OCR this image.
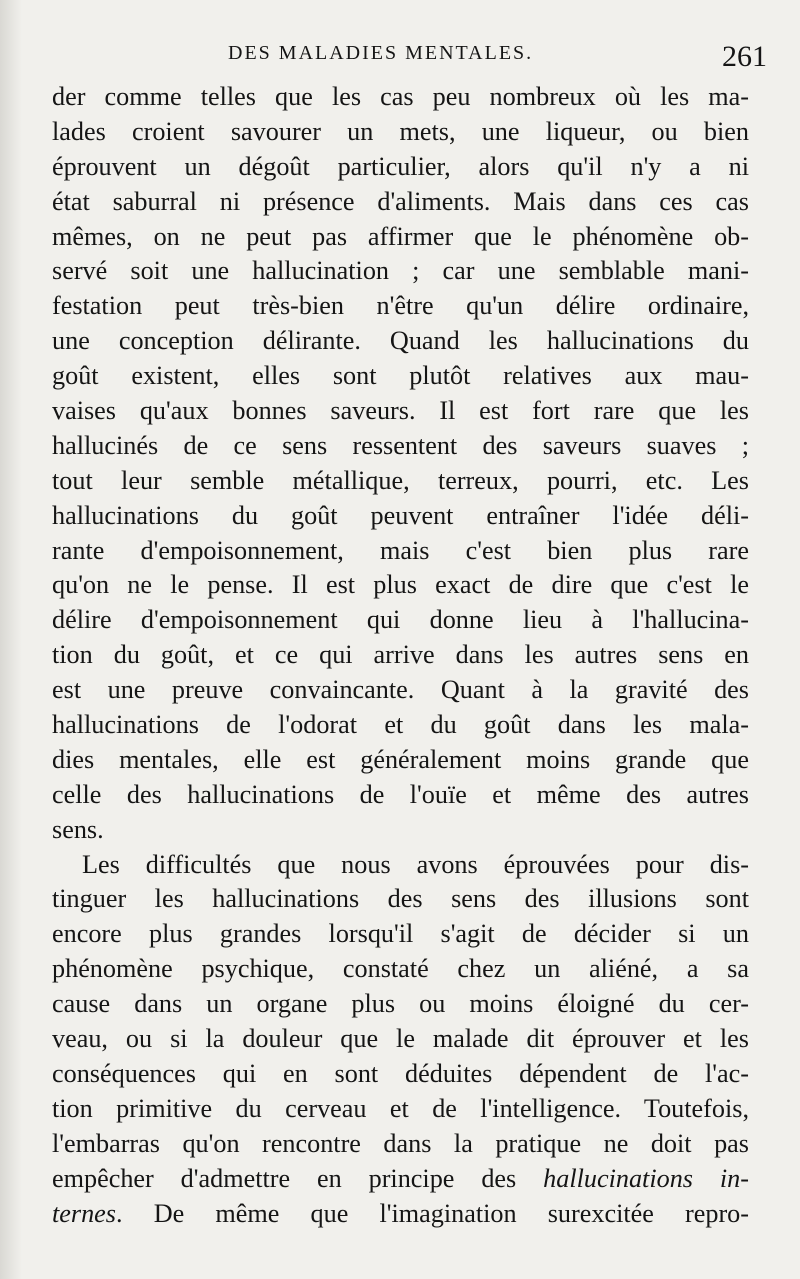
DES MALADIES MENTALES.	261
der comme telles que les cas peu nombreux où les ma-
lades croient savourer un mets, une liqueur, ou bien
éprouvent un dégoût particulier, alors qu'il n'y a ni
état saburral ni présence d'aliments. Mais dans ces cas
mêmes, on ne peut pas affirmer que le phénomène ob-
servé soit une hallucination ; car une semblable mani-
festation peut très-bien n'être qu'un délire ordinaire,
une conception délirante. Quand les hallucinations du
goût existent, elles sont plutôt relatives aux mau-
vaises qu'aux bonnes saveurs. Il est fort rare que les
hallucinés de ce sens ressentent des saveurs suaves ;
tout leur semble métallique, terreux, pourri, etc. Les
hallucinations du goût peuvent entraîner l'idée déli-
rante d'empoisonnement, mais c'est bien plus rare
qu'on ne le pense. Il est plus exact de dire que c'est le
délire d'empoisonnement qui donne lieu à l'hallucina-
tion du goût, et ce qui arrive dans les autres sens en
est une preuve convaincante. Quant à la gravité des
hallucinations de l'odorat et du goût dans les mala-
dies mentales, elle est généralement moins grande que
celle des hallucinations de l'ouïe et même des autres
sens.
Les difficultés que nous avons éprouvées pour dis-
tinguer les hallucinations des sens des illusions sont
encore plus grandes lorsqu'il s'agit de décider si un
phénomène psychique, constaté chez un aliéné, a sa
cause dans un organe plus ou moins éloigné du cer-
veau, ou si la douleur que le malade dit éprouver et les
conséquences qui en sont déduites dépendent de l'ac-
tion primitive du cerveau et de l'intelligence. Toutefois,
l'embarras qu'on rencontre dans la pratique ne doit pas
empêcher d'admettre en principe des hallucinations in-
ternes. De même que l'imagination surexcitée repro-
